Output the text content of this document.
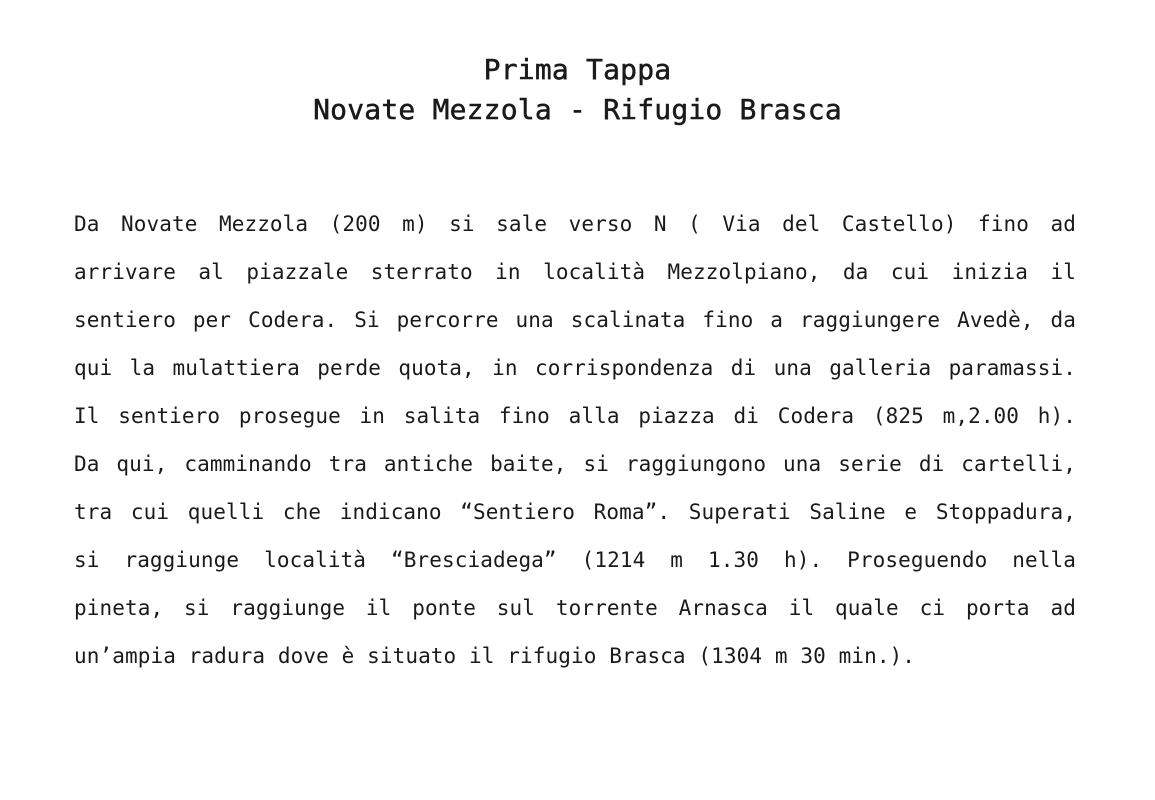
Prima Tappa
Novate Mezzola - Rifugio Brasca
Da Novate Mezzola (200 m) si sale verso N ( Via del Castello) fino ad
arrivare al piazzale sterrato in località Mezzolpiano, da cui inizia il
sentiero per Codera. Si percorre una scalinata fino a raggiungere Avedè, da
qui la mulattiera perde quota, in corrispondenza di una galleria paramassi.
Il sentiero prosegue in salita fino alla piazza di Codera (825 m,2.00 h).
Da qui, camminando tra antiche baite, si raggiungono una serie di cartelli,
tra cui quelli che indicano “Sentiero Roma”. Superati Saline e Stoppadura,
si raggiunge località “Bresciadega” (1214 m 1.30 h). Proseguendo nella
pineta, si raggiunge il ponte sul torrente Arnasca il quale ci porta ad
un’ampia radura dove è situato il rifugio Brasca (1304 m 30 min.).
